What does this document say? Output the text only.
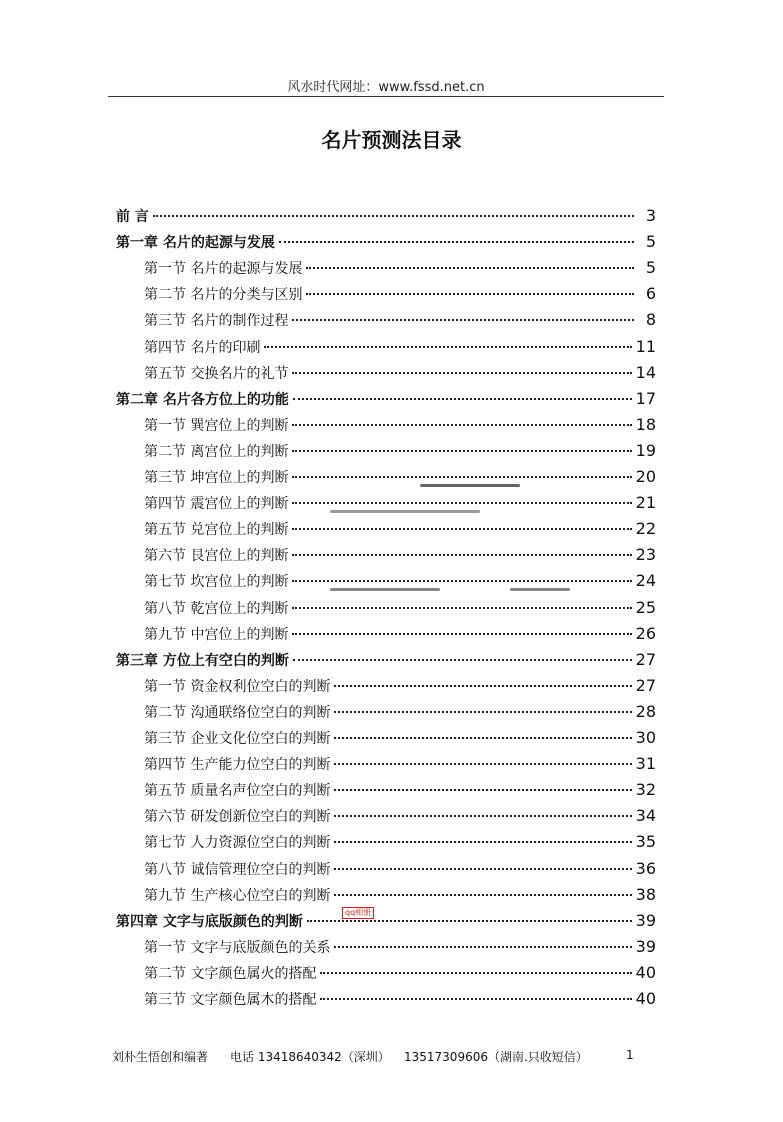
风水时代网址：www.fssd.net.cn
名片预测法目录
前 言	3
第一章 名片的起源与发展	5
第一节 名片的起源与发展	5
第二节 名片的分类与区别	6
第三节 名片的制作过程	8
第四节 名片的印刷	11
第五节 交换名片的礼节	14
第二章 名片各方位上的功能	17
第一节 巽宫位上的判断	18
第二节 离宫位上的判断	19
第三节 坤宫位上的判断	20
第四节 震宫位上的判断	21
第五节 兑宫位上的判断	22
第六节 艮宫位上的判断	23
第七节 坎宫位上的判断	24
第八节 乾宫位上的判断	25
第九节 中宫位上的判断	26
第三章 方位上有空白的判断	27
第一节 资金权利位空白的判断	27
第二节 沟通联络位空白的判断	28
第三节 企业文化位空白的判断	30
第四节 生产能力位空白的判断	31
第五节 质量名声位空白的判断	32
第六节 研发创新位空白的判断	34
第七节 人力资源位空白的判断	35
第八节 诚信管理位空白的判断	36
第九节 生产核心位空白的判断	38
第四章 文字与底版颜色的判断	39
第一节 文字与底版颜色的关系	39
第二节 文字颜色属火的搭配	40
第三节 文字颜色属木的搭配	40
qq相册
刘朴生悟创和编著 电话 13418640342（深圳） 13517309606（湖南.只收短信）	1
